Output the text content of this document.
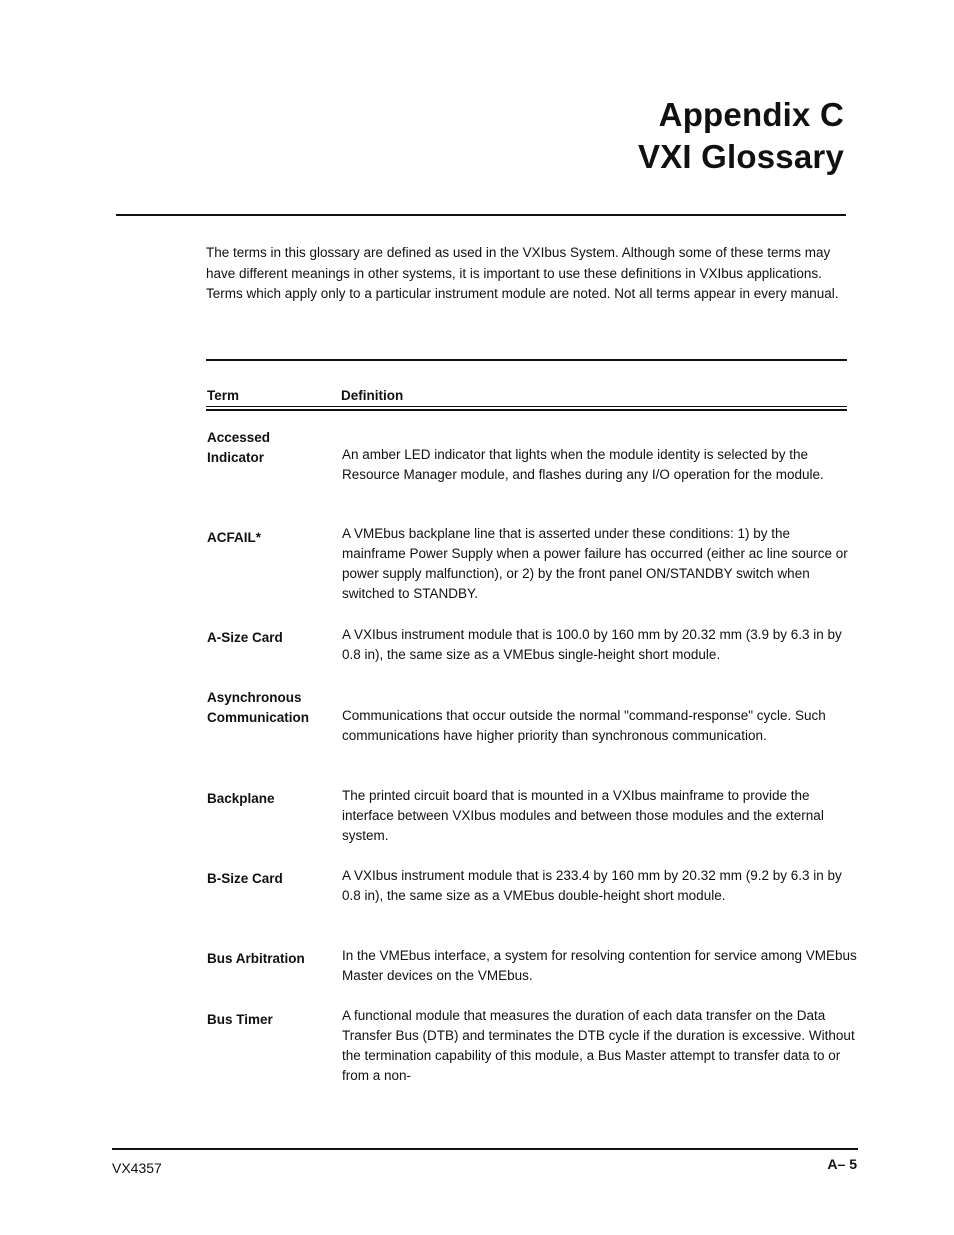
Appendix C
VXI Glossary

The terms in this glossary are defined as used in the VXIbus System. Although some of these terms may have different meanings in other systems, it is important to use these definitions in VXIbus applications. Terms which apply only to a particular instrument module are noted. Not all terms appear in every manual.

Term	Definition
Accessed
Indicator	An amber LED indicator that lights when the module identity is selected by the Resource Manager module, and flashes during any I/O operation for the module.
ACFAIL*	A VMEbus backplane line that is asserted under these conditions: 1) by the mainframe Power Supply when a power failure has occurred (either ac line source or power supply malfunction), or 2) by the front panel ON/STANDBY switch when switched to STANDBY.
A-Size Card	A VXIbus instrument module that is 100.0 by 160 mm by 20.32 mm (3.9 by 6.3 in by 0.8 in), the same size as a VMEbus single-height short module.
Asynchronous
Communication	Communications that occur outside the normal "command-response" cycle. Such communications have higher priority than synchronous communication.
Backplane	The printed circuit board that is mounted in a VXIbus mainframe to provide the interface between VXIbus modules and between those modules and the external system.
B-Size Card	A VXIbus instrument module that is 233.4 by 160 mm by 20.32 mm (9.2 by 6.3 in by 0.8 in), the same size as a VMEbus double-height short module.
Bus Arbitration	In the VMEbus interface, a system for resolving contention for service among VMEbus Master devices on the VMEbus.
Bus Timer	A functional module that measures the duration of each data transfer on the Data Transfer Bus (DTB) and terminates the DTB cycle if the duration is excessive. Without the termination capability of this module, a Bus Master attempt to transfer data to or from a non-
VX4357	A– 5
